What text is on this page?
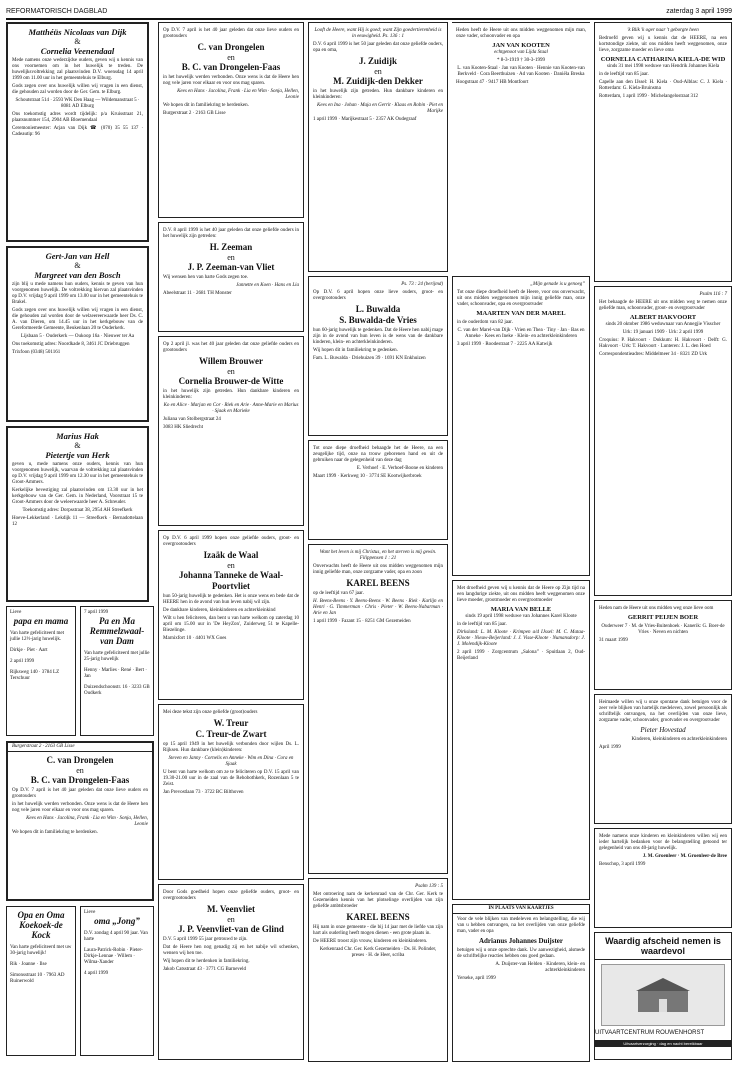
REFORMATORISCH DAGBLAD	zaterdag 3 april 1999
Matthéüs Nicolaas van Dijk
&
Cornelia Veenendaal

Mede namens onze wederzijdse ouders, geven wij u kennis van ons voornemen om in het huwelijk te treden. De huwelijksvoltrekking zal plaatsvinden D.V. woensdag 14 april 1999 om 11.00 uur in het gemeentehuis te Elburg.

Gods zegen over ons huwelijk willen wij vragen in een dienst, die gehouden zal worden door de Ger. Gem. te Elburg.

Schoutstraat 514 · 2593 WK Den Haag — Wildemanstraat 5 · 8081 AD Elburg

Ons toekomstig adres wordt tijdelijk: p/a Kruisstraat 21, plaatsnummer 154, 2904 AB Bloemendaal

Ceremoniemeester: Arjan van Dijk ☎ (070) 35 55 137 · Cadeautip: 96

Gert-Jan van Hell
&
Margreet van den Bosch

zijn blij u mede namens hun ouders, kennis te geven van hun voorgenomen huwelijk. De voltrekking hiervan zal plaatsvinden op D.V. vrijdag 9 april 1999 om 13.00 uur in het gemeentehuis te Brakel.

Gods zegen over ons huwelijk willen wij vragen in een dienst, die gehouden zal worden door de welzeereerwaarde heer Ds. C. A. van Dieren, om 14.45 uur in het kerkgebouw van de Gereformeerde Gemeente, Beukenlaan 20 te Ouderkerk.

Lijsbaan 5 · Ouderkerk — Oukoop 16a · Nieuwer ter Aa

Ons toekomstig adres: Noordkade 8, 3461 JC Driebruggen

Trixfoon (0348) 501161

Marius Hak
&
Pietertje van Herk

geven u, mede namens onze ouders, kennis van hun voorgenomen huwelijk, waarvan de voltrekking zal plaatsvinden op D.V. vrijdag 9 april 1999 om 12.30 uur in het gemeentehuis te Groot-Ammers.

Kerkelijke bevestiging zal plaatsvinden om 13.30 uur in het kerkgebouw van de Ger. Gem. in Nederland, Voorstraat 15 te Groot-Ammers door de weleerwaarde heer A. Schreuder.

Toekomstig adres: Dorpsstraat 38, 2954 AH Streefkerk

Hoeve-Lekkerland · Lekdijk 11 — Streefkerk · Bernadottelaan 12

Lieve
papa en mama

Van harte gefeliciteerd met jullie 12½-jarig huwelijk.

Dirkje · Piet · Aart

2 april 1999

Rijksweg 140 · 3784 LZ Terschuur

7 april 1999
Pa en Ma Remmelzwaal-van Dam

Van harte gefeliciteerd met jullie 25-jarig huwelijk

Henny · Marlies · René · Bert · Jan

Duizendschoonstr. 16 · 3233 GB Oudkerk

Burgerstraat 2 · 2163 GB Lisse
C. van Drongelen
en
B. C. van Drongelen-Faas

Op D.V. 7 april is het 40 jaar geleden dat onze lieve ouders en grootouders

in het huwelijk werden verbonden. Onze wens is dat de Heere hen nog vele jaren voor elkaar en voor ons mag sparen.

Kees en Hans · Jacolina, Frank · Lia en Wim · Sonja, Hellen, Leonie

We hopen dit in familiekring te herdenken.

Opa en Oma Koekoek-de Kock

Van harte gefeliciteerd met uw 30-jarig huwelijk!

Rik · Joanne · Ilse

Simonsstraat 10 · 7963 AD Ruinerwold

Lieve
oma „Jong”

D.V. zondag 4 april 90 jaar. Van harte

Laura-Patrick-Robin · Pieter-Dirkje-Lennae · Willem · Wilma-Xander

4 april 1999

Op D.V. 7 april is het 40 jaar geleden dat onze lieve ouders en grootouders

C. van Drongelen
en
B. C. van Drongelen-Faas

in het huwelijk werden verbonden. Onze wens is dat de Heere hen nog vele jaren voor elkaar en voor ons mag sparen.

Kees en Hans · Jacolina, Frank · Lia en Wim · Sonja, Hellen, Leonie

We hopen dit in familiekring te herdenken.

Burgerstraat 2 · 2163 GB Lisse

D.V. 8 april 1999 is het 40 jaar geleden dat onze geliefde ouders in het huwelijk zijn getreden:

H. Zeeman
en
J. P. Zeeman-van Vliet

Wij wensen hen van harte Gods zegen toe.

Jannette en Koen · Hans en Lia

Abeelstraat 11 · 2681 TH Monster

Op 2 april jl. was het 40 jaar geleden dat onze geliefde ouders en grootouders

Willem Brouwer
en
Cornelia Brouwer-de Witte

in het huwelijk zijn getreden. Hun dankbare kinderen en kleinkinderen:

Ko en Alice · Marjan en Cor · Riek en Arie · Anne-Marie en Marius · Sjaak en Marieke

Juliana van Stolbergstraat 24

3083 HK Sliedrecht

Op D.V. 6 april 1999 hopen onze geliefde ouders, groot- en overgrootouders

Izaäk de Waal
en
Johanna Tanneke de Waal-Poortvliet

hun 50-jarig huwelijk te gedenken. Het is onze wens en bede dat de HEERE hen in de avond van hun leven nabij wil zijn.

De dankbare kinderen, kleinkinderen en achterkleinkind

Wilt u hen feliciteren, dan bent u van harte welkom op zaterdag 10 april om 15.00 uur in 'De HeyZon', Zuiderweg 51 te Kapelle-Biezelinge.

Marnixfort 10 · 4401 WX Goes

Mei deze tekst zijn onze geliefde (groot)ouders

W. Treur
C. Treur-de Zwart

op 15 april 1949 in het huwelijk verbonden door wijlen Ds. L. Rijksen. Hun dankbare (klein)kinderen:

Steven en Janny · Cornelis en Anneke · Wim en Dina · Cora en Sjaak

U bent van harte welkom om ze te feliciteren op D.V. 15 april van 19.30-21.00 uur in de zaal van de Rehobothkerk, Rozenlaan 5 te Zeist.

Jan Prevostlaan 73 · 3722 BC Bilthoven

Door Gods goedheid hopen onze geliefde ouders, groot- en overgrootouders

M. Veenvliet
en
J. P. Veenvliet-van de Glind

D.V. 5 april 1999 55 jaar getrouwd te zijn.

Dat de Heere hen nog genadig zij en het nabije wil schenken, wensen wij hen toe.

Wij hopen dit te herdenken in familiekring.

Jakob Catsstraat 43 · 3771 CG Barneveld

Looft de Heere, want Hij is goed; want Zijn goedertierenheid is in eeuwigheid. Ps. 136 : 1

D.V. 6 april 1999 is het 50 jaar geleden dat onze geliefde ouders, opa en oma,

J. Zuidijk
en
M. Zuidijk-den Dekker

in het huwelijk zijn getreden. Hun dankbare kinderen en kleinkinderen:

Kees en Ina · Johan · Maja en Gerrit · Klaas en Robin · Piet en Marijke

1 april 1999 · Marijkestraat 5 · 2357 AK Oudegraaf

Ps. 73 : 24 (berijmd)

Op D.V. 6 april hopen onze lieve ouders, groot- en overgrootouders

L. Buwalda
S. Buwalda-de Vries

hun 60-jarig huwelijk te gedenken. Dat de Heere hen nabij mage zijn in de avond van hun leven is de wens van de dankbare kinderen, klein- en achterkleinkinderen.

Wij hopen dit in familiekring te gedenken.

Fam. L. Buwalda · Driehuizen 39 · 1691 KN Enkhuizen

Tot onze diepe droefheid behaagde het de Heere, na een zeugelijke tijd, onze na trouw geborenen hand en uit de gebruiken naar de gelegenheid van deze dag

E. Verhoef · E. Verhoef-Boone en kinderen

Maart 1999 · Kerkweg 10 · 3774 SE Kootwijkerbroek

Want het leven is mij Christus, en het sterven is mij gewin. Filippensen 1 : 21

Onverwachts heeft de Heere uit ons midden weggenomen mijn innig geliefde man, onze zorgzame vader, opa en zoon

KAREL BEENS

op de leeftijd van 67 jaar.

H. Beens-Beens · Y. Beens-Beens · W. Beens · Riek · Karlijn en Henri · G. Timmerman · Chris · Pieter · W. Beens-Nabarman · Arie en Jan

1 april 1999 · Fazant 15 · 8251 GM Gezemeiden

Psalm 139 : 5

Met ontroering nam de kerkenraad van de Chr. Ger. Kerk te Gezemeiden kennis van het plotselinge overlijden van zijn geliefde ambtsbroeder

KAREL BEENS

Hij nam in onze gemeente - die bij 14 jaar met de liefde van zijn hart als ouderling heeft mogen dienen - een grote plaats in.

De HEERE troost zijn vrouw, kinderen en kleinkinderen.

Kerkenraad Chr. Ger. Kerk Gezemeiden · Ds. H. Polinder, preses · H. de Heer, scriba

Heden heeft de Heere uit ons midden weggenomen mijn man, onze vader, schoonvader en opa

JAN VAN KOOTEN
echtgenoot van Lijda Staal

* 8-3-1919 † 30-3-1999

L. van Kooten-Staal · Jan van Kooten · Hennie van Kooten-van Berkveld · Cora Beerthuizen · Ad van Kooten · Daniëla Breska

Hoogstraat 47 · 9417 HB Montfoort

„Mijn genade is u genoeg”

Tot onze diepe droefheid heeft de Heere, voor ons onverwacht, uit ons midden weggenomen mijn innig geliefde man, onze vader, schoonvader, opa en overgrootvader

MAARTEN VAN DER MAREL

in de ouderdom van 82 jaar.

C. van der Marel-van Dijk · Vrien en Thea · Tiny · Jan · Bas en Anneke · Kees en Ineke · Klein- en achterkleinkinderen

3 april 1999 · Roodestraat 7 · 2225 AA Katwijk

Met droefheid geven wij u kennis dat de Heere op Zijn tijd na een langdurige ziekte, uit ons midden heeft weggenomen onze lieve moeder, grootmoeder en overgrootmoeder

MARIA VAN BELLE
sinds 19 april 1998 weduwe van Johannes Karel Kloote

in de leeftijd van 85 jaar.

Dirksland: L. M. Kloote · Krimpen a/d IJssel: M. C. Mataa-Kloote · Nieuw-Beijerland: J. J. Visse-Kloote · Numansdorp: J. J. Molendijk-Kloote

2 april 1999 · Zorgcentrum „Salona” · Spuitlaan 2, Oud-Beijerland

IN PLAATS VAN KAARTJES

Voor de vele blijken van medeleven en belangstelling, die wij van u hebben ontvangen, na het overlijden van onze geliefde man, vader en opa

Adrianus Johannes Duijster

betuigen wij u onze oprechte dank. Uw aanwezigheid, alsmede de schriftelijke reacties hebben ons goed gedaan.

A. Duijster-van Helden · Kinderen, klein- en achterkleinkinderen

Yerseke, april 1999

'k Blik 'k oger naar 't geborgte heen

Bedroefd geven wij u kennis dat de HEERE, na een kortstondige ziekte, uit ons midden heeft weggenomen, onze lieve, zorgzame moeder en lieve oma

CORNELIA CATHARINA KIELA-DE WID
sinds 31 mei 1998 weduwe van Hendrik Johannes Kiela

in de leeftijd van 85 jaar.

Capelle aan den IJssel: H. Kiela · Oud-Alblas: C. J. Kiela · Rotterdam: G. Kiela-Bruinsma

Rotterdam, 1 april 1999 · Michelangelostraat 312

Psalm 116 : 7

Het behaagde de HEERE uit ons midden weg te nemen onze geliefde man, schoonvader, groot- en overgrootvader

ALBERT HAKVOORT
sinds 20 oktober 1986 weduwnaar van Annegjie Visscher

Urk: 19 januari 1909 · Urk: 2 april 1999

Croquius: P. Hakvoort · Dokkum: H. Hakvoort · Delft: G. Hakvoort · Urk: T. Hakvoort · Lunteren: J. L. den Hoed

Correspondentieadres: Middelmeer 34 · 8321 ZD Urk

Heden nam de Heere uit ons midden weg onze lieve oom

GERRIT PEIJEN BOER

Ouderweer 7 · M. de Vries-Buitenhoek · Kanerik: G. Boer-de Vries · Neven en nichten

31 maart 1999

Heimaede willen wij u onze spontane dank betuigen voor de zeer vele blijken van hartelijk medeleven, zowel persoonlijk als schriftelijk ontvangen, na het overlijden van onze lieve, zorgzame vader, schoonvader, grootvader en overgrootvader

Pieter Hovestad

Kinderen, kleinkinderen en achterkleinkinderen

April 1999

Mede namens onze kinderen en kleinkinderen willen wij een ieder hartelijk bedanken voor de belangstelling getoond ter gelegenheid van ons 40-jarig huwelijk.

J. M. Groenleer · M. Groenleer-de Bree

Benschop, 3 april 1999

Waardig afscheid nemen is waardevol
UITVAARTCENTRUM ROUWENHORST
Uitvaartverzorging · dag en nacht bereikbaar
